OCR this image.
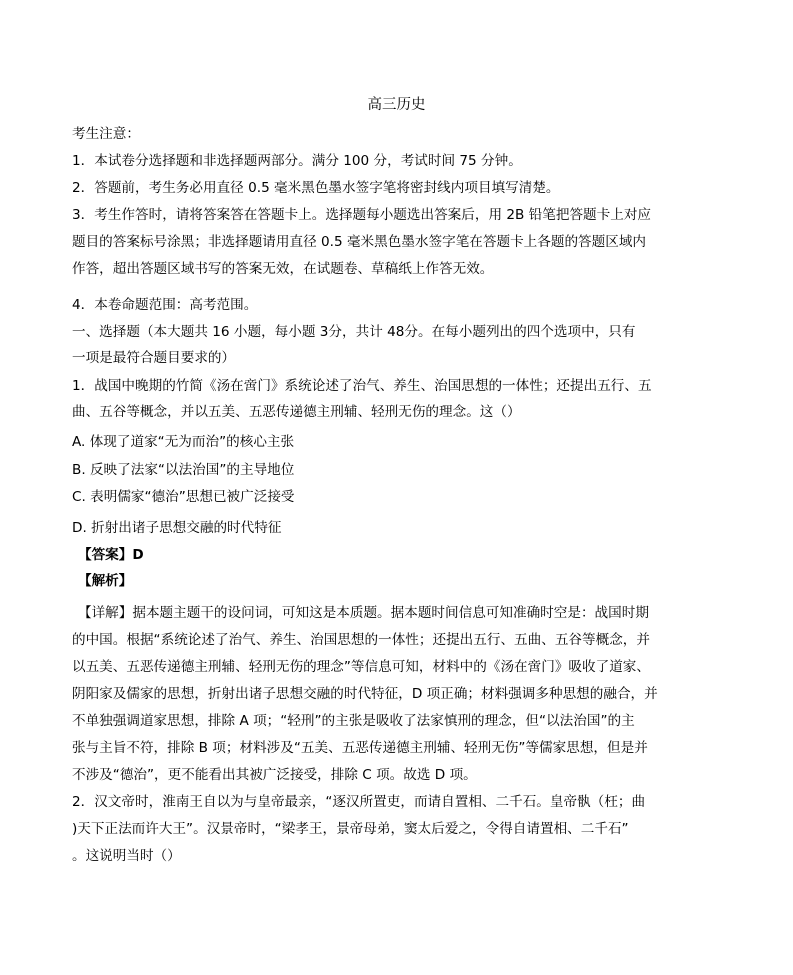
高三历史
考生注意：
1．本试卷分选择题和非选择题两部分。满分 100 分，考试时间 75 分钟。
2．答题前，考生务必用直径 0.5 毫米黑色墨水签字笔将密封线内项目填写清楚。
3．考生作答时，请将答案答在答题卡上。选择题每小题选出答案后，用 2B 铅笔把答题卡上对应
题目的答案标号涂黑；非选择题请用直径 0.5 毫米黑色墨水签字笔在答题卡上各题的答题区域内
作答，超出答题区域书写的答案无效，在试题卷、草稿纸上作答无效。
4．本卷命题范围：高考范围。
一、选择题（本大题共 16 小题，每小题 3分，共计 48分。在每小题列出的四个选项中，只有
一项是最符合题目要求的）
1．战国中晚期的竹简《汤在啻门》系统论述了治气、养生、治国思想的一体性；还提出五行、五
曲、五谷等概念，并以五美、五恶传递德主刑辅、轻刑无伤的理念。这（）
A. 体现了道家“无为而治”的核心主张
B. 反映了法家“以法治国”的主导地位
C. 表明儒家“德治”思想已被广泛接受
D. 折射出诸子思想交融的时代特征
【答案】D
【解析】
【详解】据本题主题干的设问词，可知这是本质题。据本题时间信息可知准确时空是：战国时期
的中国。根据“系统论述了治气、养生、治国思想的一体性；还提出五行、五曲、五谷等概念，并
以五美、五恶传递德主刑辅、轻刑无伤的理念”等信息可知，材料中的《汤在啻门》吸收了道家、
阴阳家及儒家的思想，折射出诸子思想交融的时代特征，D 项正确；材料强调多种思想的融合，并
不单独强调道家思想，排除 A 项；“轻刑”的主张是吸收了法家慎刑的理念，但“以法治国”的主
张与主旨不符，排除 B 项；材料涉及“五美、五恶传递德主刑辅、轻刑无伤”等儒家思想，但是并
不涉及“德治”，更不能看出其被广泛接受，排除 C 项。故选 D 项。
2．汉文帝时，淮南王自以为与皇帝最亲，“逐汉所置吏，而请自置相、二千石。皇帝骫（枉；曲
)天下正法而许大王”。汉景帝时，“梁孝王，景帝母弟，窦太后爱之，令得自请置相、二千石”
。这说明当时（）
